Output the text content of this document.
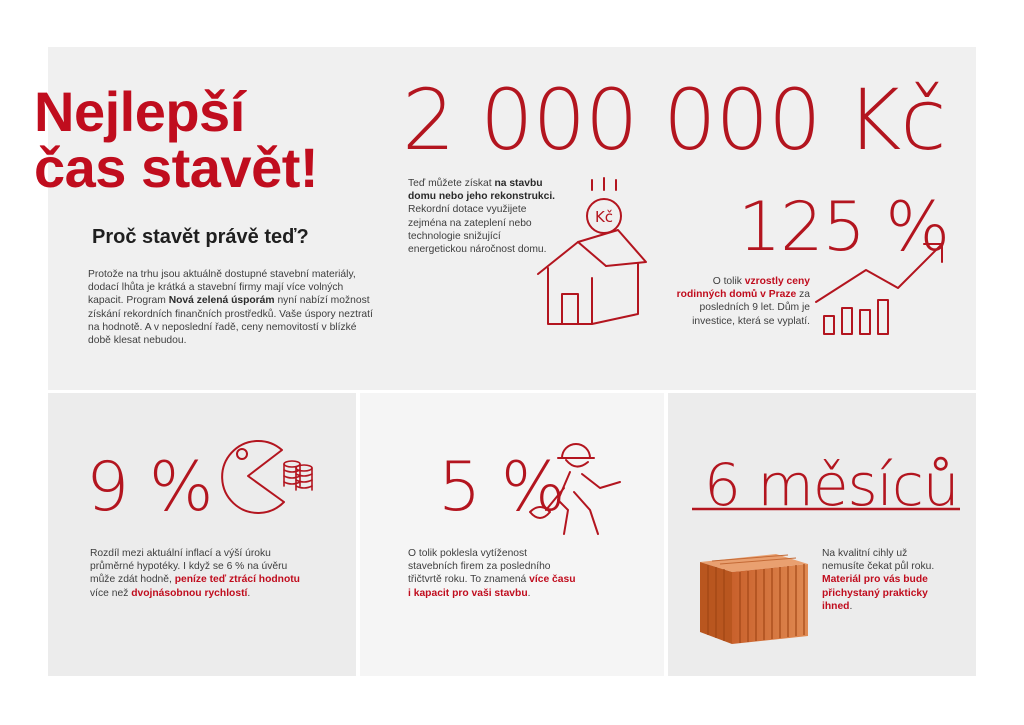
Nejlepší
čas stavět!
Proč stavět právě teď?
Protože na trhu jsou aktuálně dostupné stavební materiály, dodací lhůta je krátká a stavební firmy mají více volných kapacit. Program Nová zelená úsporám nyní nabízí možnost získání rekordních finančních prostředků. Vaše úspory neztratí na hodnotě. A v neposlední řadě, ceny nemovitostí v blízké době klesat nebudou.
2 000 000 Kč
Teď můžete získat na stavbu domu nebo jeho rekonstrukci. Rekordní dotace využijete zejména na zateplení nebo technologie snižující energetickou náročnost domu.
Kč 125 %
O tolik vzrostly ceny rodinných domů v Praze za posledních 9 let. Dům je investice, která se vyplatí.
9 %
Rozdíl mezi aktuální inflací a výší úroku průměrné hypotéky. I když se 6 % na úvěru může zdát hodně, peníze teď ztrácí hodnotu více než dvojnásobnou rychlostí.
5 %
O tolik poklesla vytíženost stavebních firem za posledního třičtvrtě roku. To znamená více času i kapacit pro vaši stavbu.
6 měsíců
Na kvalitní cihly už nemusíte čekat půl roku. Materiál pro vás bude přichystaný prakticky ihned.
